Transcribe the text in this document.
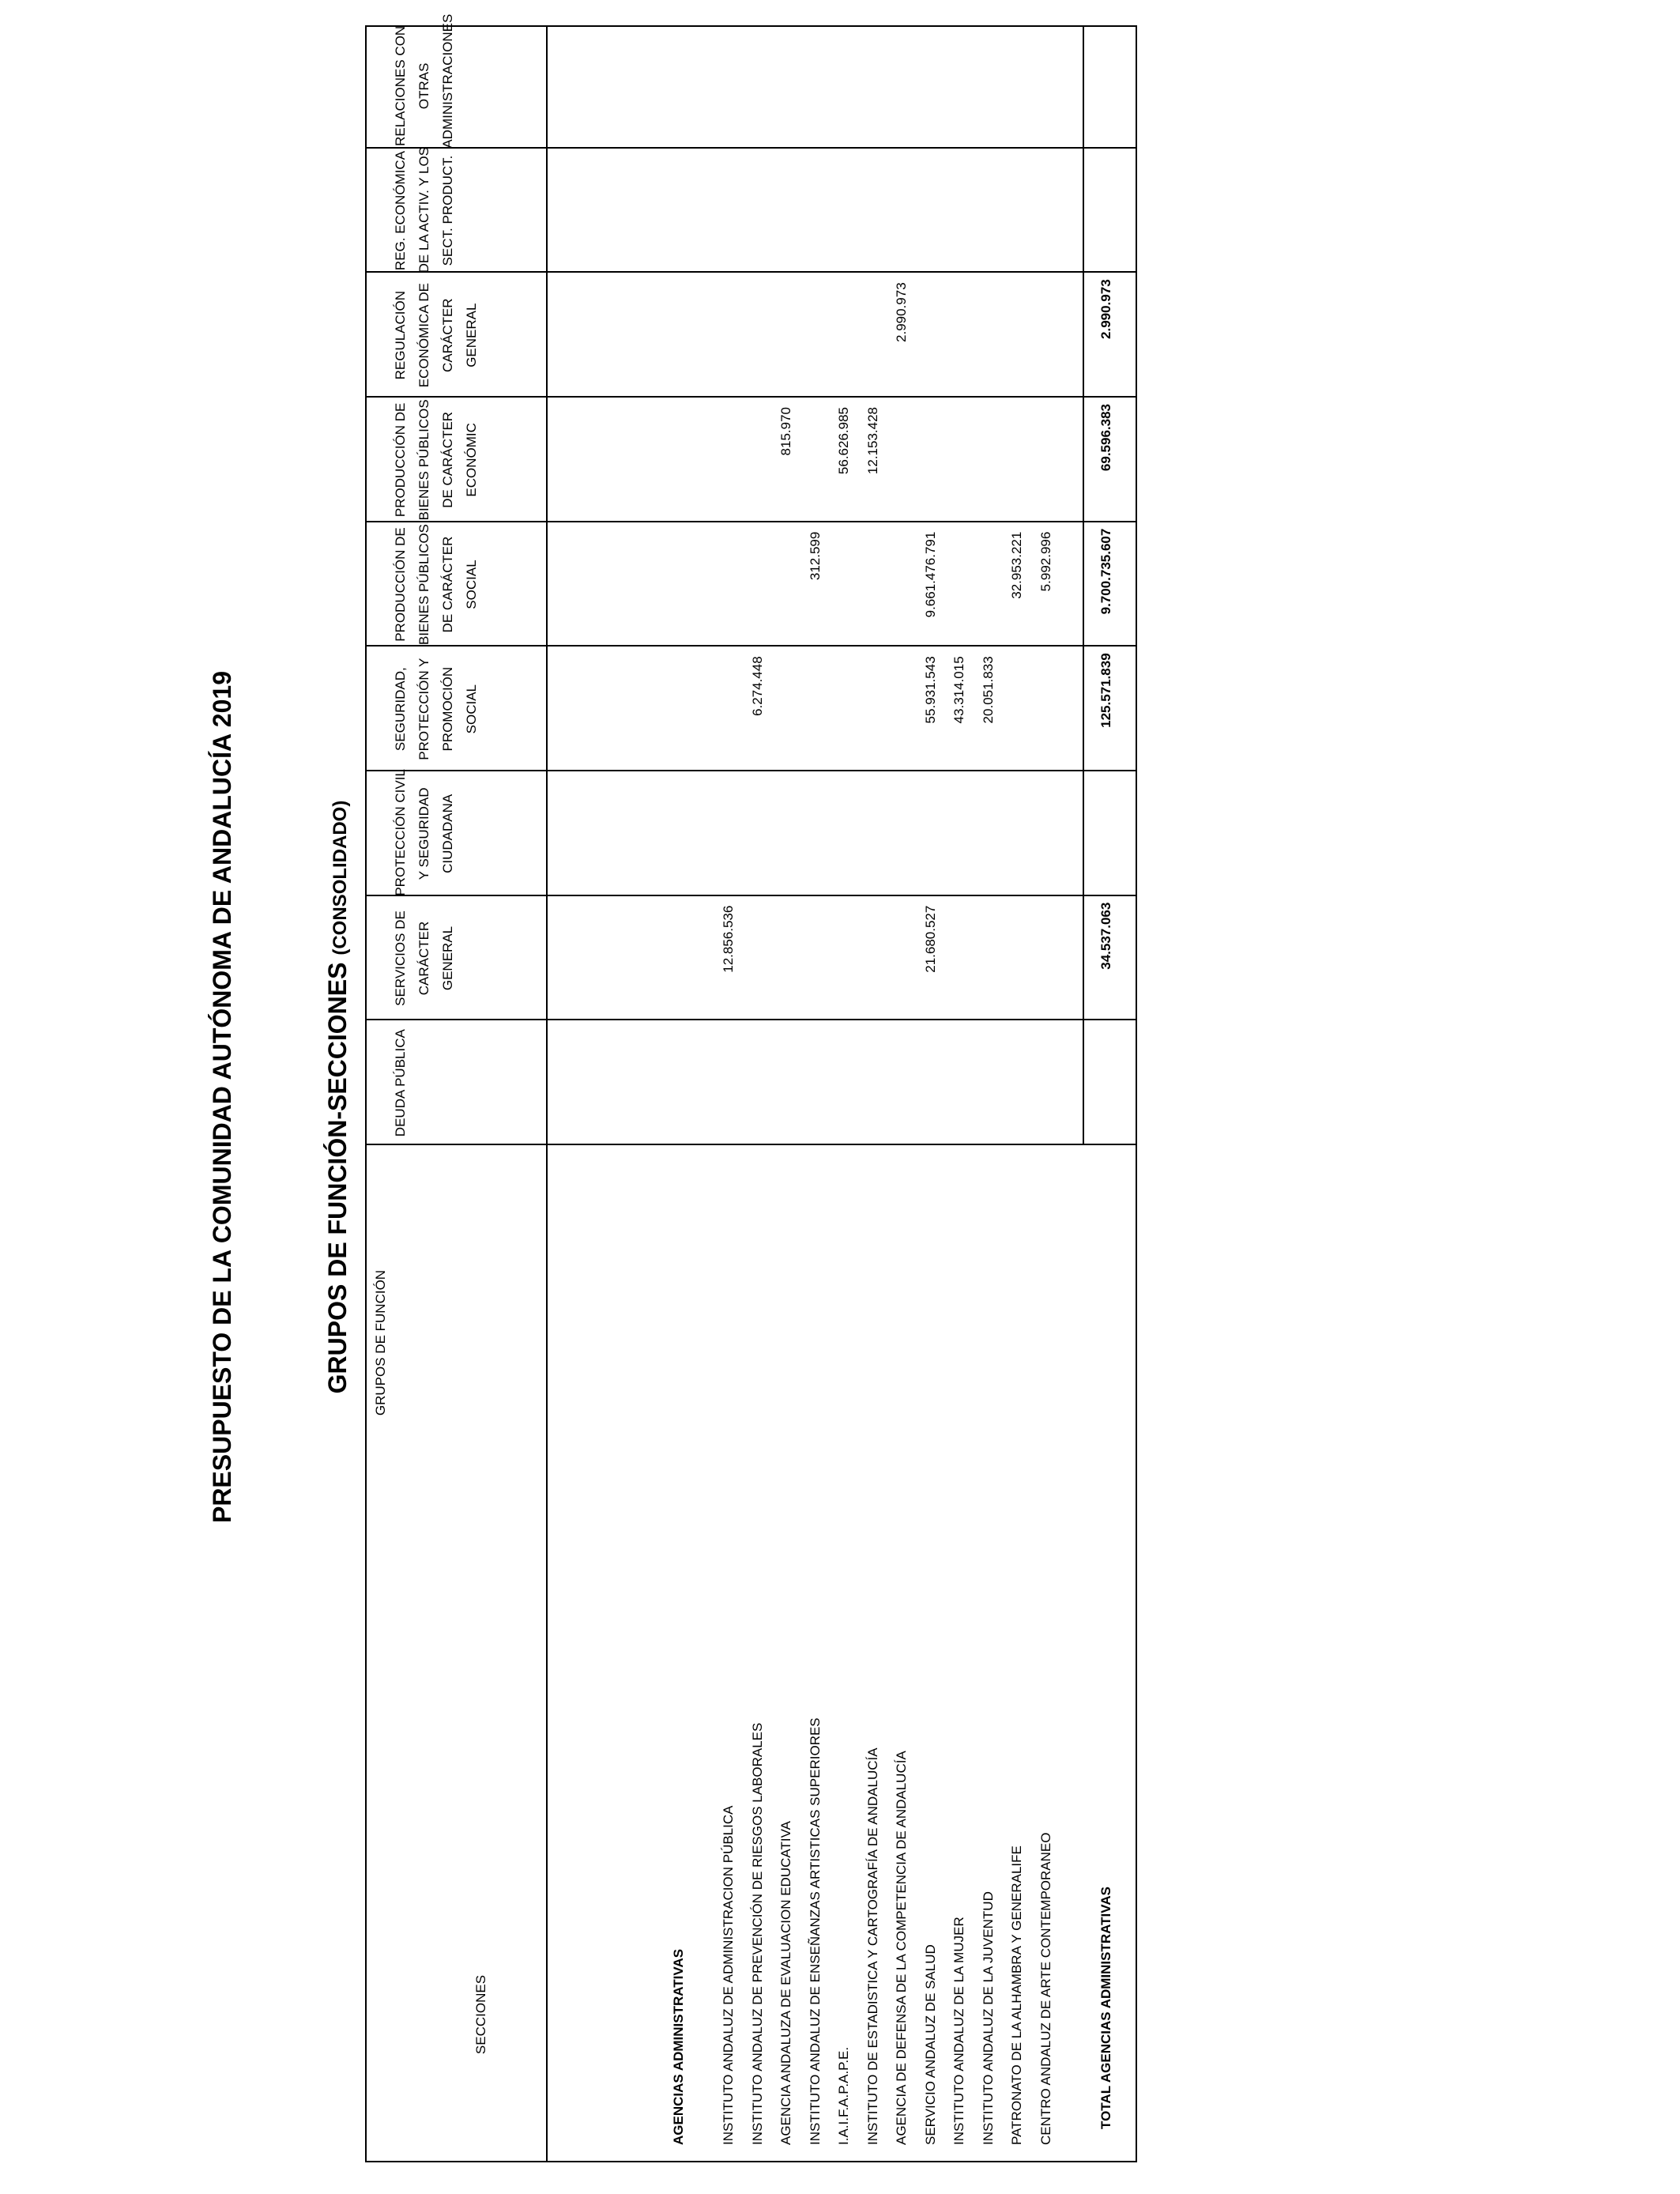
PRESUPUESTO DE LA COMUNIDAD AUTÓNOMA DE ANDALUCÍA 2019	GRUPOS DE FUNCIÓN-SECCIONES (CONSOLIDADO)
GRUPOS DE FUNCIÓN
SECCIONES
DEUDA PÚBLICA
SERVICIOS DE CARÁCTER GENERAL
PROTECCIÓN CIVIL Y SEGURIDAD CIUDADANA
SEGURIDAD, PROTECCIÓN Y PROMOCIÓN SOCIAL
PRODUCCIÓN DE BIENES PÚBLICOS DE CARÁCTER SOCIAL
PRODUCCIÓN DE BIENES PÚBLICOS DE CARÁCTER ECONÓMIC
REGULACIÓN ECONÓMICA DE CARÁCTER GENERAL
REG. ECONÓMICA DE LA ACTIV. Y LOS SECT. PRODUCT.
RELACIONES CON OTRAS ADMINISTRACIONES
AGENCIAS ADMINISTRATIVAS	INSTITUTO ANDALUZ DE ADMINISTRACION PÚBLICA
12.856.536
INSTITUTO ANDALUZ DE PREVENCIÓN DE RIESGOS LABORALES
6.274.448
AGENCIA ANDALUZA DE EVALUACION EDUCATIVA
815.970
INSTITUTO ANDALUZ DE ENSEÑANZAS ARTISTICAS SUPERIORES
312.599
I.A.I.F.A.P.A.P.E.
56.626.985
INSTITUTO DE ESTADISTICA Y CARTOGRAFÍA DE ANDALUCÍA
12.153.428
AGENCIA DE DEFENSA DE LA COMPETENCIA DE ANDALUCÍA
2.990.973
SERVICIO ANDALUZ DE SALUD
21.680.527
55.931.543
9.661.476.791
INSTITUTO ANDALUZ DE LA MUJER
43.314.015
INSTITUTO ANDALUZ DE LA JUVENTUD
20.051.833
PATRONATO DE LA ALHAMBRA Y GENERALIFE
32.953.221
CENTRO ANDALUZ DE ARTE CONTEMPORANEO
5.992.996
TOTAL AGENCIAS ADMINISTRATIVAS
34.537.063
125.571.839
9.700.735.607
69.596.383
2.990.973
